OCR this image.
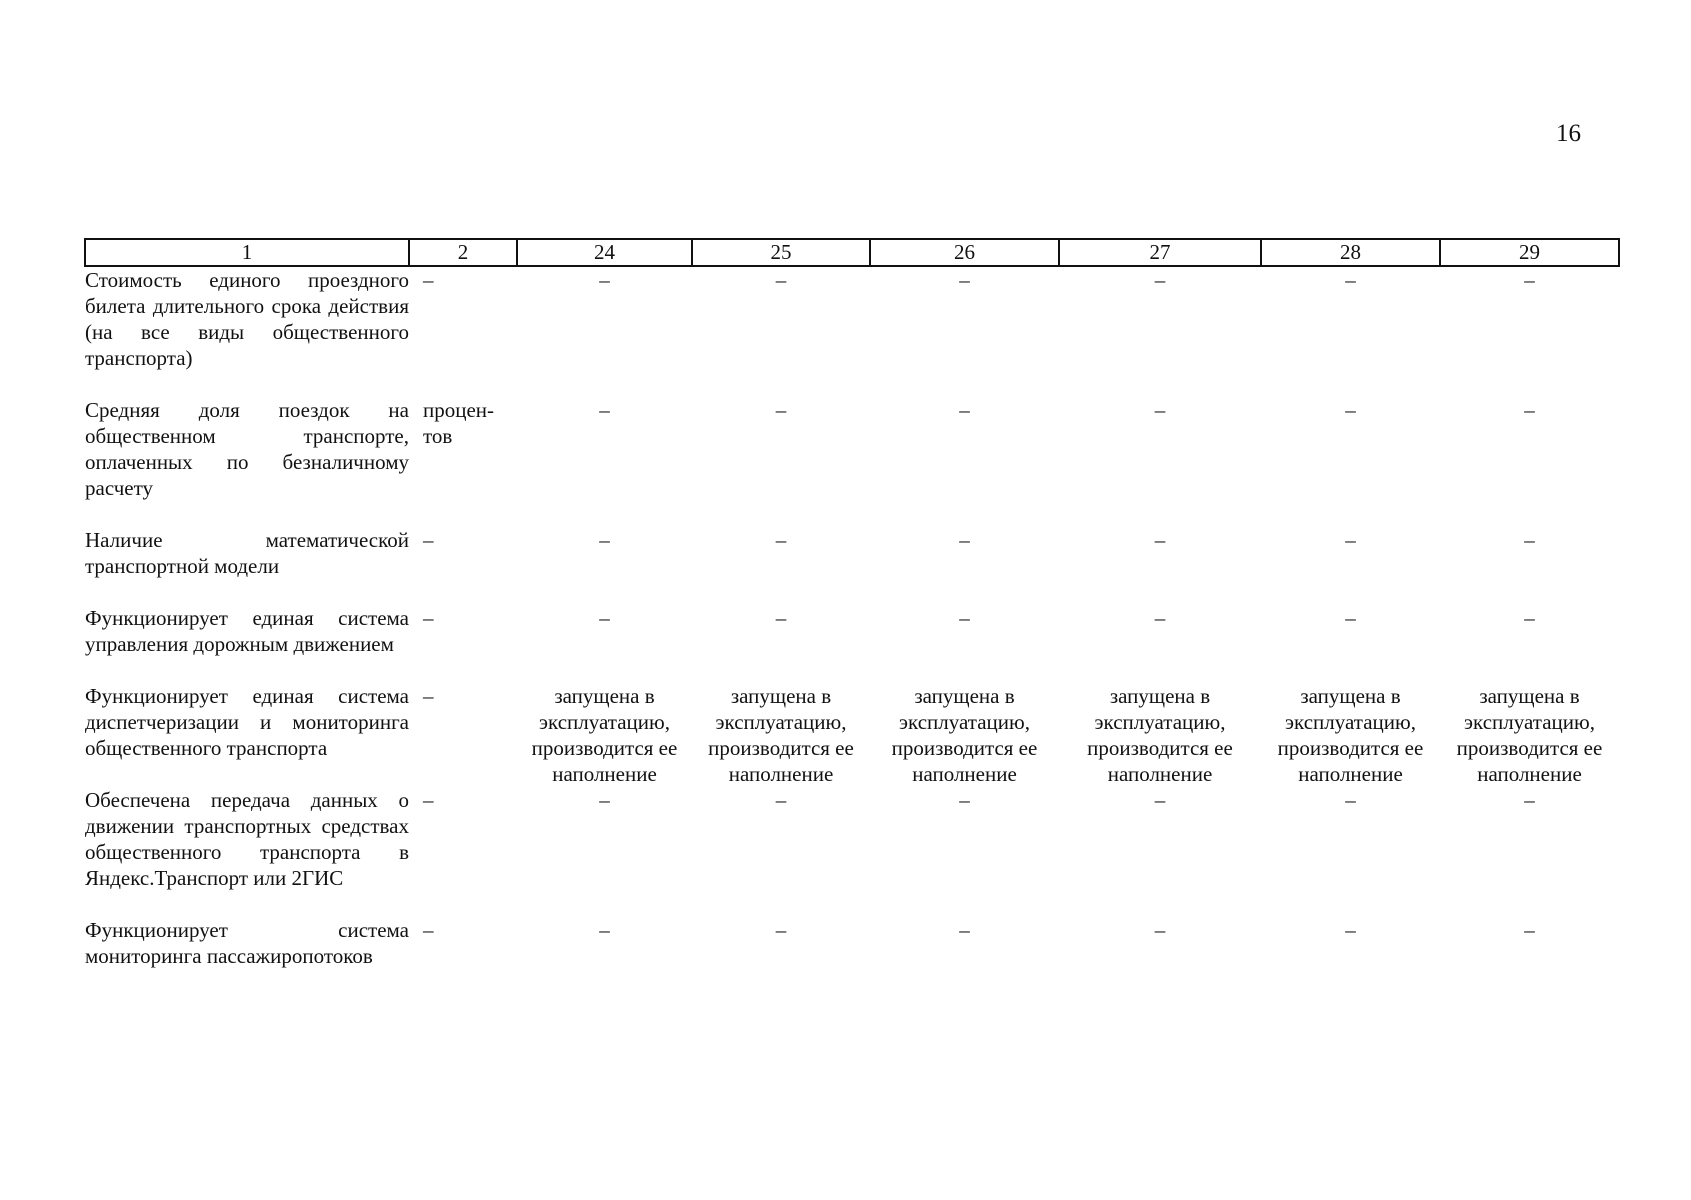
16
1	2	24	25	26	27	28	29
Стоимость единого проездного билета длительного срока действия (на все виды общественного транспорта)	–	–	–	–	–	–	–
Средняя доля поездок на общественном транспорте, оплаченных по безналичному расчету	процен-тов	–	–	–	–	–	–
Наличие математической транспортной модели	–	–	–	–	–	–	–
Функционирует единая система управления дорожным движением	–	–	–	–	–	–	–
Функционирует единая система диспетчеризации и мониторинга общественного транспорта	–	запущена в эксплуатацию, производится ее наполнение	запущена в эксплуатацию, производится ее наполнение	запущена в эксплуатацию, производится ее наполнение	запущена в эксплуатацию, производится ее наполнение	запущена в эксплуатацию, производится ее наполнение	запущена в эксплуатацию, производится ее наполнение
Обеспечена передача данных о движении транспортных средствах общественного транспорта в Яндекс.Транспорт или 2ГИС	–	–	–	–	–	–	–
Функционирует система мониторинга пассажиропотоков	–	–	–	–	–	–	–
